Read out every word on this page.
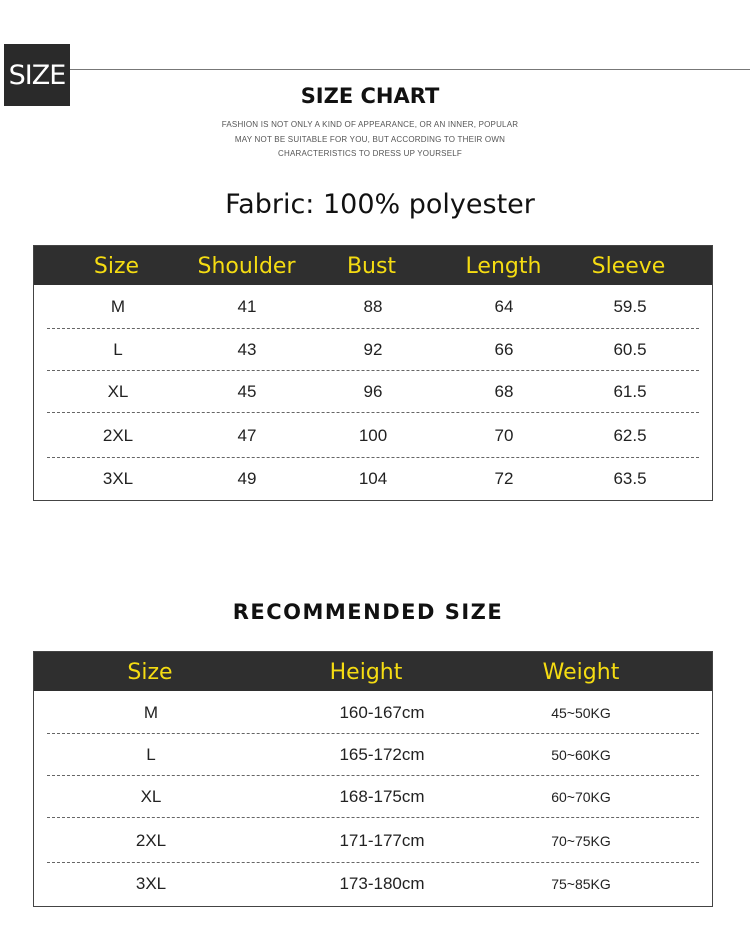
SIZE
SIZE CHART
FASHION IS NOT ONLY A KIND OF APPEARANCE, OR AN INNER, POPULAR
MAY NOT BE SUITABLE FOR YOU, BUT ACCORDING TO THEIR OWN
CHARACTERISTICS TO DRESS UP YOURSELF
Fabric: 100% polyester
Size	Shoulder	Bust	Length	Sleeve
M	41	88	64	59.5
L	43	92	66	60.5
XL	45	96	68	61.5
2XL	47	100	70	62.5
3XL	49	104	72	63.5
RECOMMENDED SIZE
Size	Height	Weight
M	160-167cm	45~50KG
L	165-172cm	50~60KG
XL	168-175cm	60~70KG
2XL	171-177cm	70~75KG
3XL	173-180cm	75~85KG
